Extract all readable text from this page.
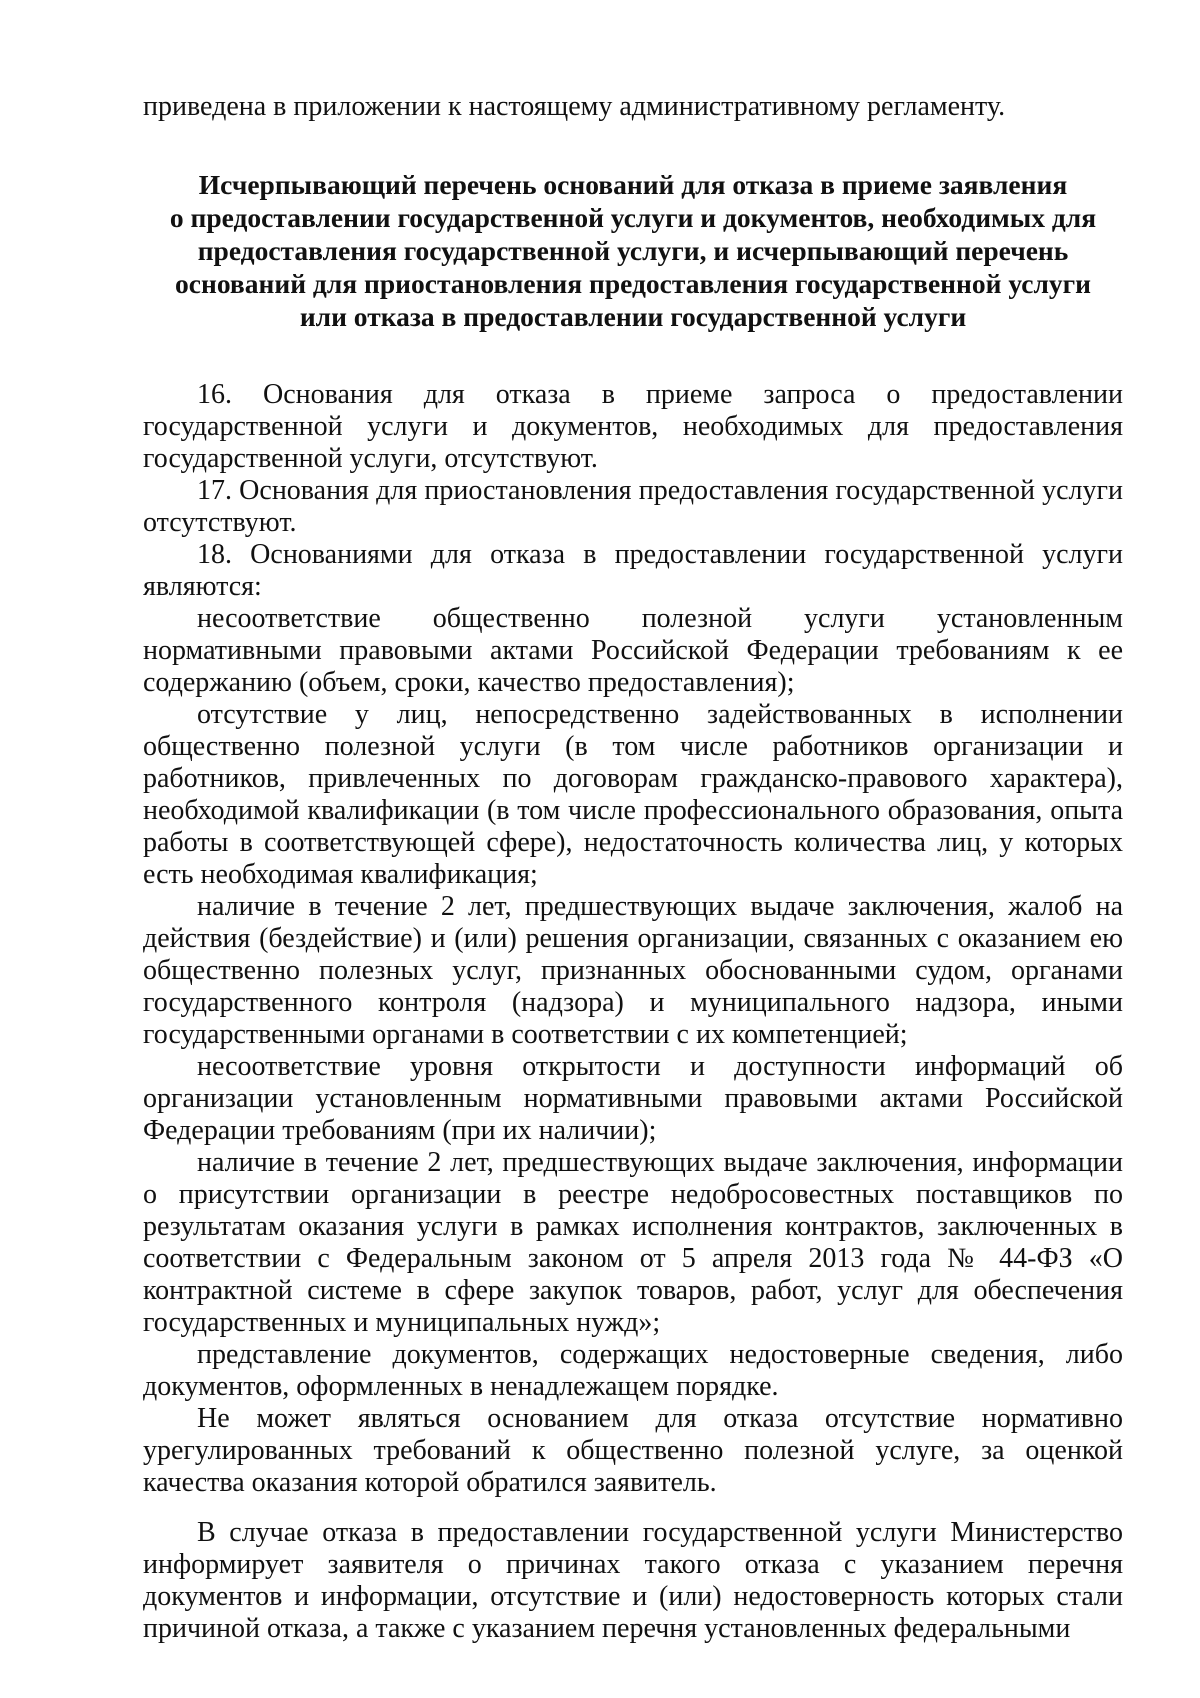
приведена в приложении к настоящему административному регламенту.

Исчерпывающий перечень оснований для отказа в приеме заявления
о предоставлении государственной услуги и документов, необходимых для
предоставления государственной услуги, и исчерпывающий перечень
оснований для приостановления предоставления государственной услуги
или отказа в предоставлении государственной услуги

16. Основания для отказа в приеме запроса о предоставлении государственной услуги и документов, необходимых для предоставления государственной услуги, отсутствуют.

17. Основания для приостановления предоставления государственной услуги отсутствуют.

18. Основаниями для отказа в предоставлении государственной услуги являются:

несоответствие общественно полезной услуги установленным нормативными правовыми актами Российской Федерации требованиям к ее содержанию (объем, сроки, качество предоставления);

отсутствие у лиц, непосредственно задействованных в исполнении общественно полезной услуги (в том числе работников организации и работников, привлеченных по договорам гражданско-правового характера), необходимой квалификации (в том числе профессионального образования, опыта работы в соответствующей сфере), недостаточность количества лиц, у которых есть необходимая квалификация;

наличие в течение 2 лет, предшествующих выдаче заключения, жалоб на действия (бездействие) и (или) решения организации, связанных с оказанием ею общественно полезных услуг, признанных обоснованными судом, органами государственного контроля (надзора) и муниципального надзора, иными государственными органами в соответствии с их компетенцией;

несоответствие уровня открытости и доступности информаций об организации установленным нормативными правовыми актами Российской Федерации требованиям (при их наличии);

наличие в течение 2 лет, предшествующих выдаче заключения, информации о присутствии организации в реестре недобросовестных поставщиков по результатам оказания услуги в рамках исполнения контрактов, заключенных в соответствии с Федеральным законом от 5 апреля 2013 года № 44-ФЗ «О контрактной системе в сфере закупок товаров, работ, услуг для обеспечения государственных и муниципальных нужд»;

представление документов, содержащих недостоверные сведения, либо документов, оформленных в ненадлежащем порядке.

Не может являться основанием для отказа отсутствие нормативно урегулированных требований к общественно полезной услуге, за оценкой качества оказания которой обратился заявитель.

В случае отказа в предоставлении государственной услуги Министерство информирует заявителя о причинах такого отказа с указанием перечня документов и информации, отсутствие и (или) недостоверность которых стали причиной отказа, а также с указанием перечня установленных федеральными
